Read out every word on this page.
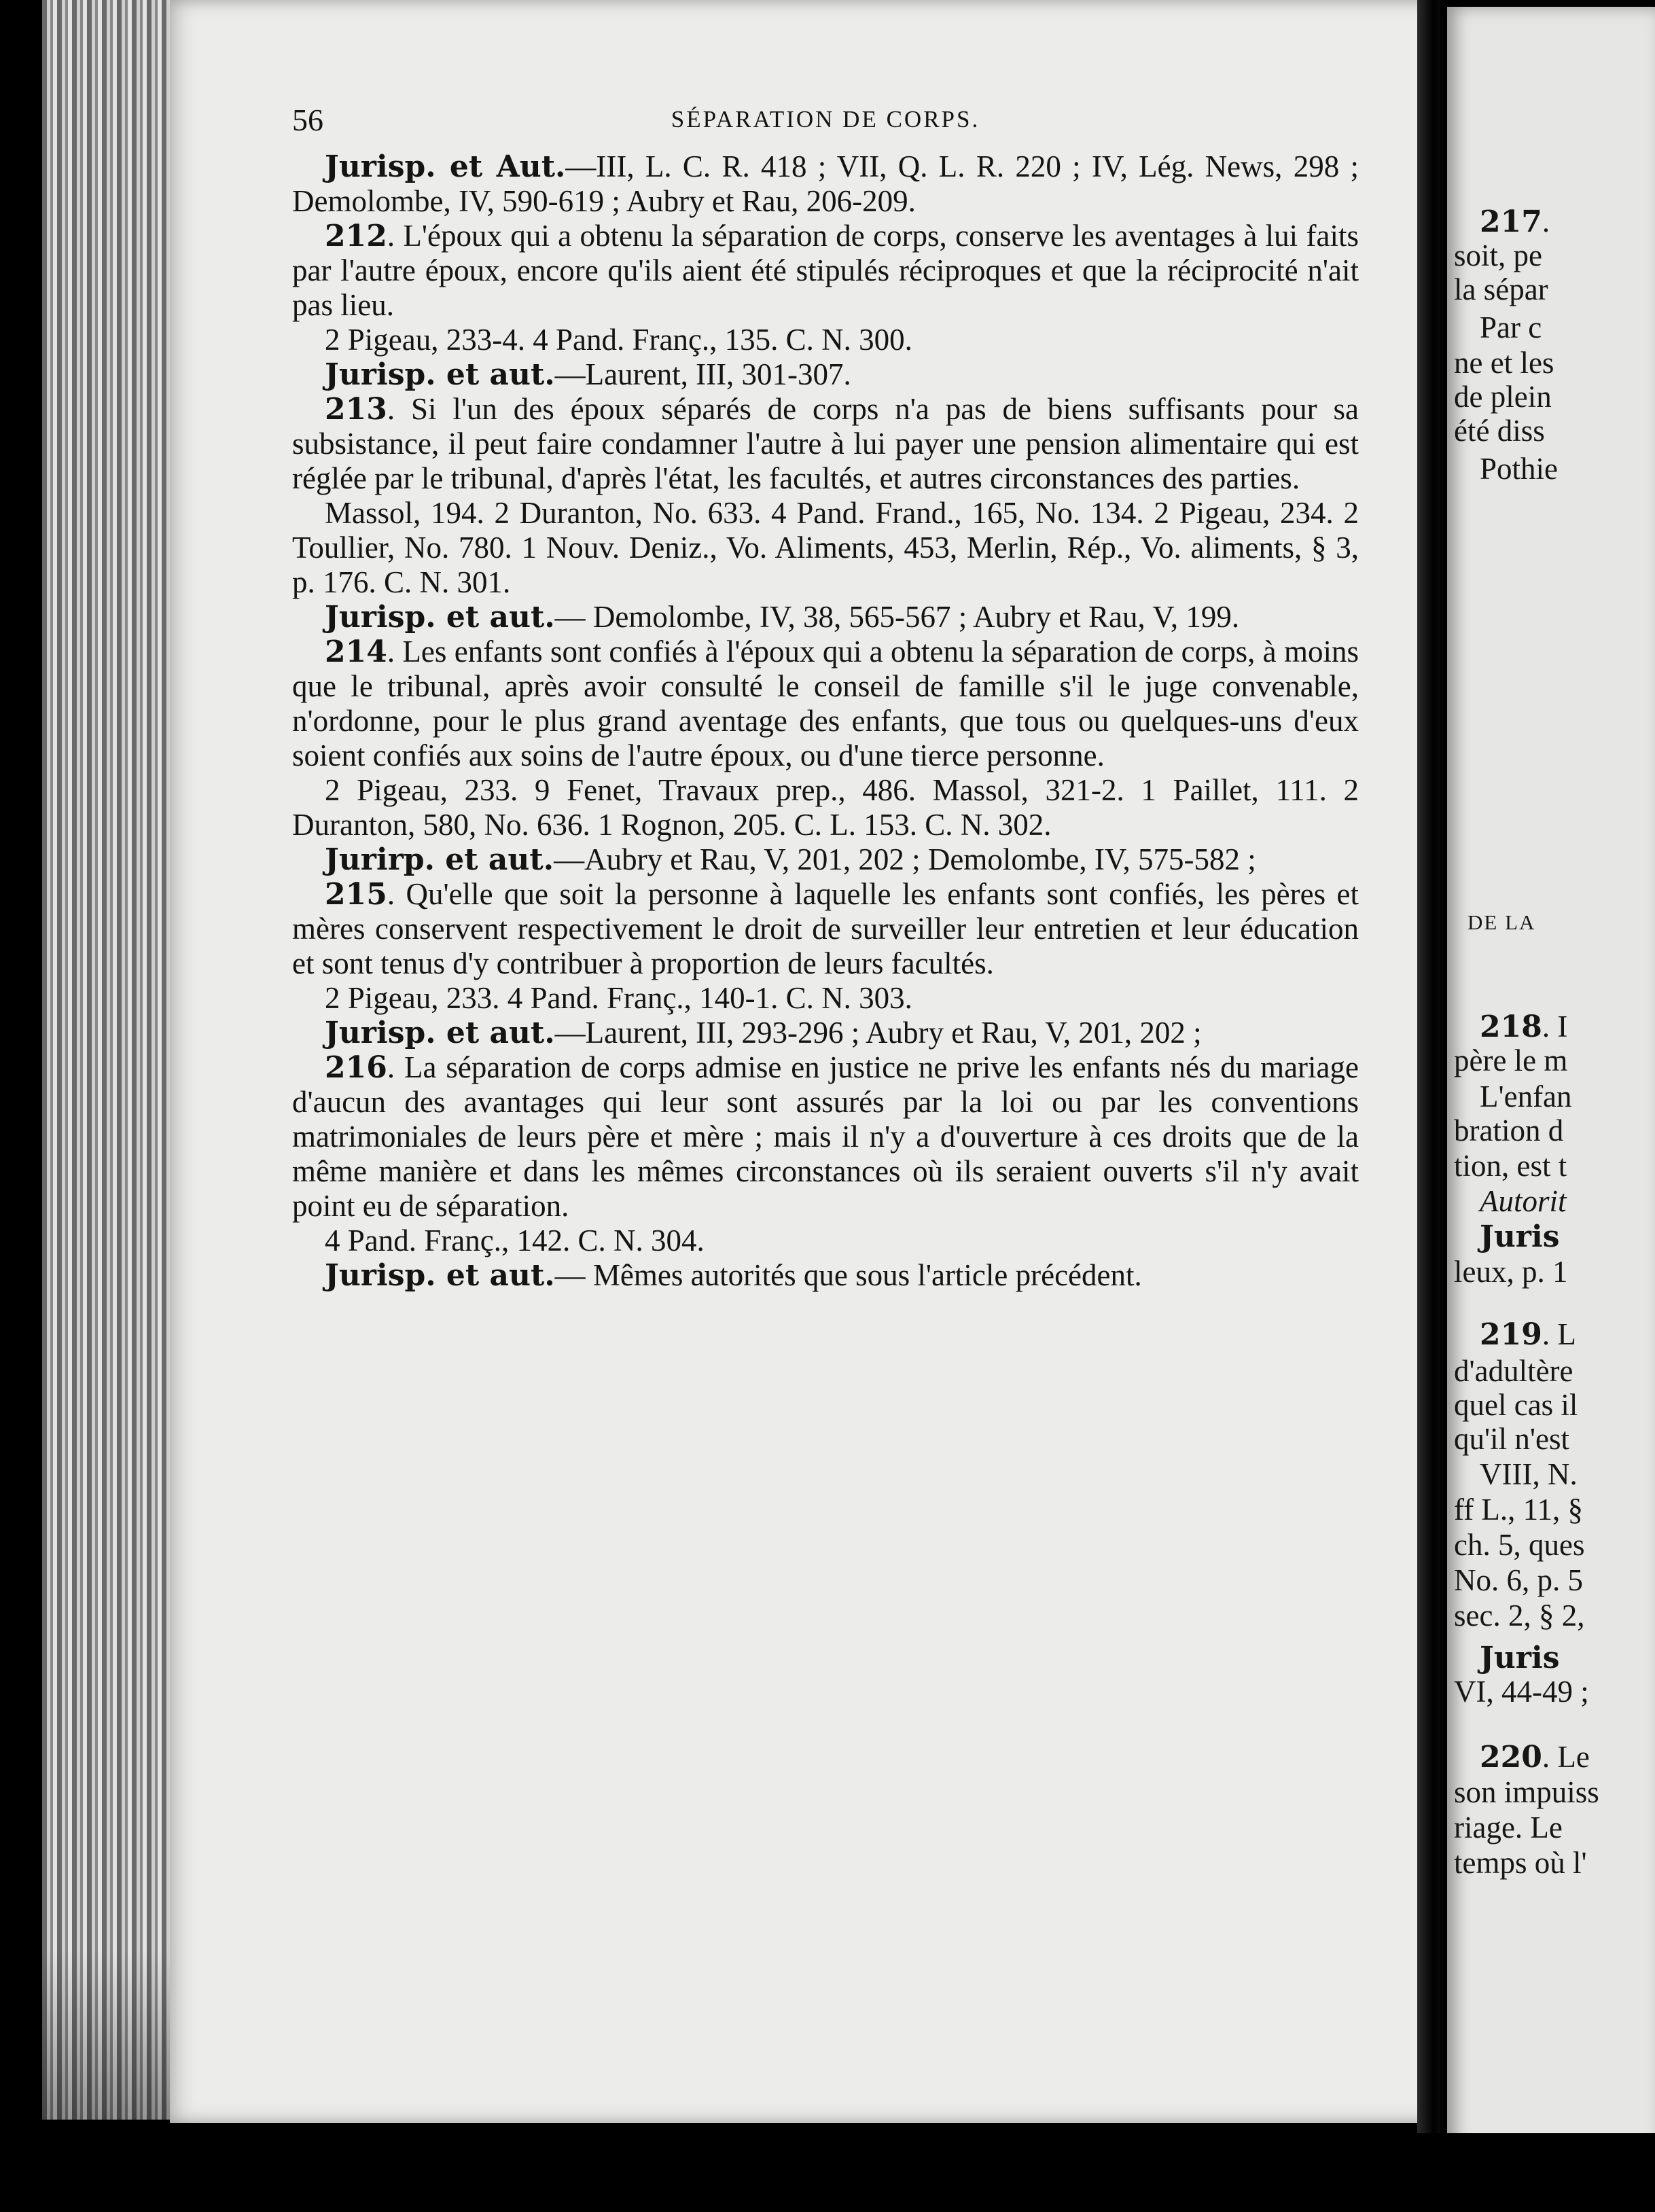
56	SÉPARATION DE CORPS.

Jurisp. et Aut.—III, L. C. R. 418 ; VII, Q. L. R. 220 ; IV, Lég. News, 298 ; Demolombe, IV, 590-619 ; Aubry et Rau, 206-209.

212. L'époux qui a obtenu la séparation de corps, conserve les aventages à lui faits par l'autre époux, encore qu'ils aient été stipulés réciproques et que la réciprocité n'ait pas lieu.

2 Pigeau, 233-4. 4 Pand. Franç., 135. C. N. 300.

Jurisp. et aut.—Laurent, III, 301-307.

213. Si l'un des époux séparés de corps n'a pas de biens suffisants pour sa subsistance, il peut faire condamner l'autre à lui payer une pension alimentaire qui est réglée par le tribunal, d'après l'état, les facultés, et autres circonstances des parties.

Massol, 194. 2 Duranton, No. 633. 4 Pand. Frand., 165, No. 134. 2 Pigeau, 234. 2 Toullier, No. 780. 1 Nouv. Deniz., Vo. Aliments, 453, Merlin, Rép., Vo. aliments, § 3, p. 176. C. N. 301.

Jurisp. et aut.— Demolombe, IV, 38, 565-567 ; Aubry et Rau, V, 199.

214. Les enfants sont confiés à l'époux qui a obtenu la séparation de corps, à moins que le tribunal, après avoir consulté le conseil de famille s'il le juge convenable, n'ordonne, pour le plus grand aventage des enfants, que tous ou quelques-uns d'eux soient confiés aux soins de l'autre époux, ou d'une tierce personne.

2 Pigeau, 233. 9 Fenet, Travaux prep., 486. Massol, 321-2. 1 Paillet, 111. 2 Duranton, 580, No. 636. 1 Rognon, 205. C. L. 153. C. N. 302.

Jurirp. et aut.—Aubry et Rau, V, 201, 202 ; Demolombe, IV, 575-582 ;

215. Qu'elle que soit la personne à laquelle les enfants sont confiés, les pères et mères conservent respectivement le droit de surveiller leur entretien et leur éducation et sont tenus d'y contribuer à proportion de leurs facultés.

2 Pigeau, 233. 4 Pand. Franç., 140-1. C. N. 303.

Jurisp. et aut.—Laurent, III, 293-296 ; Aubry et Rau, V, 201, 202 ;

216. La séparation de corps admise en justice ne prive les enfants nés du mariage d'aucun des avantages qui leur sont assurés par la loi ou par les conventions matrimoniales de leurs père et mère ; mais il n'y a d'ouverture à ces droits que de la même manière et dans les mêmes circonstances où ils seraient ouverts s'il n'y avait point eu de séparation.

4 Pand. Franç., 142. C. N. 304.

Jurisp. et aut.— Mêmes autorités que sous l'article précédent.

217.
soit, pe
la sépar
Par c
ne et les
de plein
été diss
Pothie
DE LA
218. I
père le m
L'enfan
bration d
tion, est t
Autorit
Juris
leux, p. 1
219. L
d'adultère
quel cas il
qu'il n'est
VIII, N.
ff L., 11, §
ch. 5, ques
No. 6, p. 5
sec. 2, § 2,
Juris
VI, 44-49 ;
220. Le
son impuiss
riage. Le
temps où l'
